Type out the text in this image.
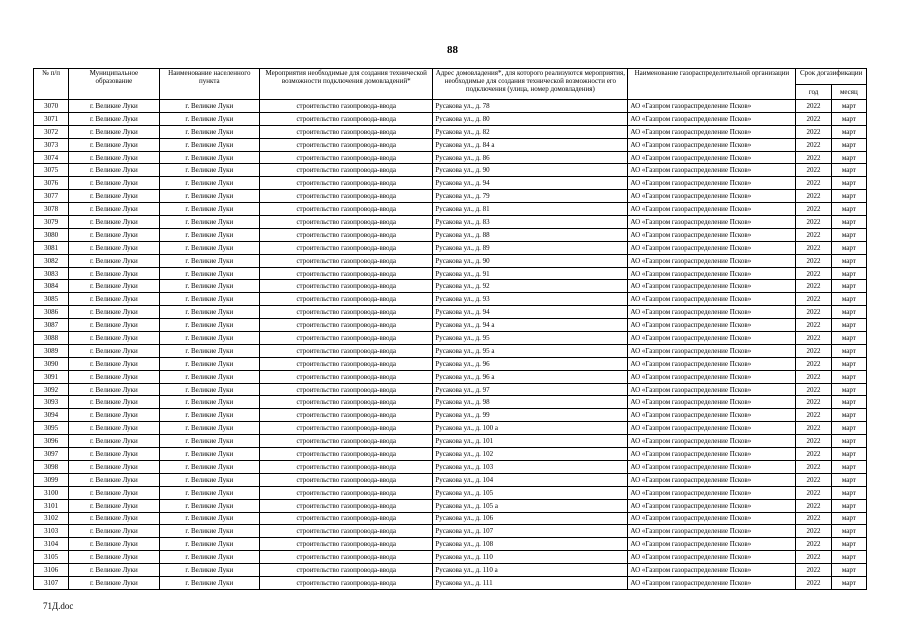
88
№ п/п	Муниципальное образование	Наименование населенного пункта	Мероприятия необходимые для создания технической возможности подключения домовладений*	Адрес домовладения*, для которого реализуются мероприятия, необходимые для создания технической возможности его подключения (улица, номер домовладения)	Наименование газораспределительной организации	Срок догазификации	
						год	месяц
3070	г. Великие Луки	г. Великие Луки	строительство газопровода-ввода	Русакова ул., д. 78	АО «Газпром газораспределение Псков»	2022	март
3071	г. Великие Луки	г. Великие Луки	строительство газопровода-ввода	Русакова ул., д. 80	АО «Газпром газораспределение Псков»	2022	март
3072	г. Великие Луки	г. Великие Луки	строительство газопровода-ввода	Русакова ул., д. 82	АО «Газпром газораспределение Псков»	2022	март
3073	г. Великие Луки	г. Великие Луки	строительство газопровода-ввода	Русакова ул., д. 84 а	АО «Газпром газораспределение Псков»	2022	март
3074	г. Великие Луки	г. Великие Луки	строительство газопровода-ввода	Русакова ул., д. 86	АО «Газпром газораспределение Псков»	2022	март
3075	г. Великие Луки	г. Великие Луки	строительство газопровода-ввода	Русакова ул., д. 90	АО «Газпром газораспределение Псков»	2022	март
3076	г. Великие Луки	г. Великие Луки	строительство газопровода-ввода	Русакова ул., д. 94	АО «Газпром газораспределение Псков»	2022	март
3077	г. Великие Луки	г. Великие Луки	строительство газопровода-ввода	Русакова ул., д. 79	АО «Газпром газораспределение Псков»	2022	март
3078	г. Великие Луки	г. Великие Луки	строительство газопровода-ввода	Русакова ул., д. 81	АО «Газпром газораспределение Псков»	2022	март
3079	г. Великие Луки	г. Великие Луки	строительство газопровода-ввода	Русакова ул., д. 83	АО «Газпром газораспределение Псков»	2022	март
3080	г. Великие Луки	г. Великие Луки	строительство газопровода-ввода	Русакова ул., д. 88	АО «Газпром газораспределение Псков»	2022	март
3081	г. Великие Луки	г. Великие Луки	строительство газопровода-ввода	Русакова ул., д. 89	АО «Газпром газораспределение Псков»	2022	март
3082	г. Великие Луки	г. Великие Луки	строительство газопровода-ввода	Русакова ул., д. 90	АО «Газпром газораспределение Псков»	2022	март
3083	г. Великие Луки	г. Великие Луки	строительство газопровода-ввода	Русакова ул., д. 91	АО «Газпром газораспределение Псков»	2022	март
3084	г. Великие Луки	г. Великие Луки	строительство газопровода-ввода	Русакова ул., д. 92	АО «Газпром газораспределение Псков»	2022	март
3085	г. Великие Луки	г. Великие Луки	строительство газопровода-ввода	Русакова ул., д. 93	АО «Газпром газораспределение Псков»	2022	март
3086	г. Великие Луки	г. Великие Луки	строительство газопровода-ввода	Русакова ул., д. 94	АО «Газпром газораспределение Псков»	2022	март
3087	г. Великие Луки	г. Великие Луки	строительство газопровода-ввода	Русакова ул., д. 94 а	АО «Газпром газораспределение Псков»	2022	март
3088	г. Великие Луки	г. Великие Луки	строительство газопровода-ввода	Русакова ул., д. 95	АО «Газпром газораспределение Псков»	2022	март
3089	г. Великие Луки	г. Великие Луки	строительство газопровода-ввода	Русакова ул., д. 95 а	АО «Газпром газораспределение Псков»	2022	март
3090	г. Великие Луки	г. Великие Луки	строительство газопровода-ввода	Русакова ул., д. 96	АО «Газпром газораспределение Псков»	2022	март
3091	г. Великие Луки	г. Великие Луки	строительство газопровода-ввода	Русакова ул., д. 96 а	АО «Газпром газораспределение Псков»	2022	март
3092	г. Великие Луки	г. Великие Луки	строительство газопровода-ввода	Русакова ул., д. 97	АО «Газпром газораспределение Псков»	2022	март
3093	г. Великие Луки	г. Великие Луки	строительство газопровода-ввода	Русакова ул., д. 98	АО «Газпром газораспределение Псков»	2022	март
3094	г. Великие Луки	г. Великие Луки	строительство газопровода-ввода	Русакова ул., д. 99	АО «Газпром газораспределение Псков»	2022	март
3095	г. Великие Луки	г. Великие Луки	строительство газопровода-ввода	Русакова ул., д. 100 а	АО «Газпром газораспределение Псков»	2022	март
3096	г. Великие Луки	г. Великие Луки	строительство газопровода-ввода	Русакова ул., д. 101	АО «Газпром газораспределение Псков»	2022	март
3097	г. Великие Луки	г. Великие Луки	строительство газопровода-ввода	Русакова ул., д. 102	АО «Газпром газораспределение Псков»	2022	март
3098	г. Великие Луки	г. Великие Луки	строительство газопровода-ввода	Русакова ул., д. 103	АО «Газпром газораспределение Псков»	2022	март
3099	г. Великие Луки	г. Великие Луки	строительство газопровода-ввода	Русакова ул., д. 104	АО «Газпром газораспределение Псков»	2022	март
3100	г. Великие Луки	г. Великие Луки	строительство газопровода-ввода	Русакова ул., д. 105	АО «Газпром газораспределение Псков»	2022	март
3101	г. Великие Луки	г. Великие Луки	строительство газопровода-ввода	Русакова ул., д. 105 а	АО «Газпром газораспределение Псков»	2022	март
3102	г. Великие Луки	г. Великие Луки	строительство газопровода-ввода	Русакова ул., д. 106	АО «Газпром газораспределение Псков»	2022	март
3103	г. Великие Луки	г. Великие Луки	строительство газопровода-ввода	Русакова ул., д. 107	АО «Газпром газораспределение Псков»	2022	март
3104	г. Великие Луки	г. Великие Луки	строительство газопровода-ввода	Русакова ул., д. 108	АО «Газпром газораспределение Псков»	2022	март
3105	г. Великие Луки	г. Великие Луки	строительство газопровода-ввода	Русакова ул., д. 110	АО «Газпром газораспределение Псков»	2022	март
3106	г. Великие Луки	г. Великие Луки	строительство газопровода-ввода	Русакова ул., д. 110 а	АО «Газпром газораспределение Псков»	2022	март
3107	г. Великие Луки	г. Великие Луки	строительство газопровода-ввода	Русакова ул., д. 111	АО «Газпром газораспределение Псков»	2022	март
71Д.doc
